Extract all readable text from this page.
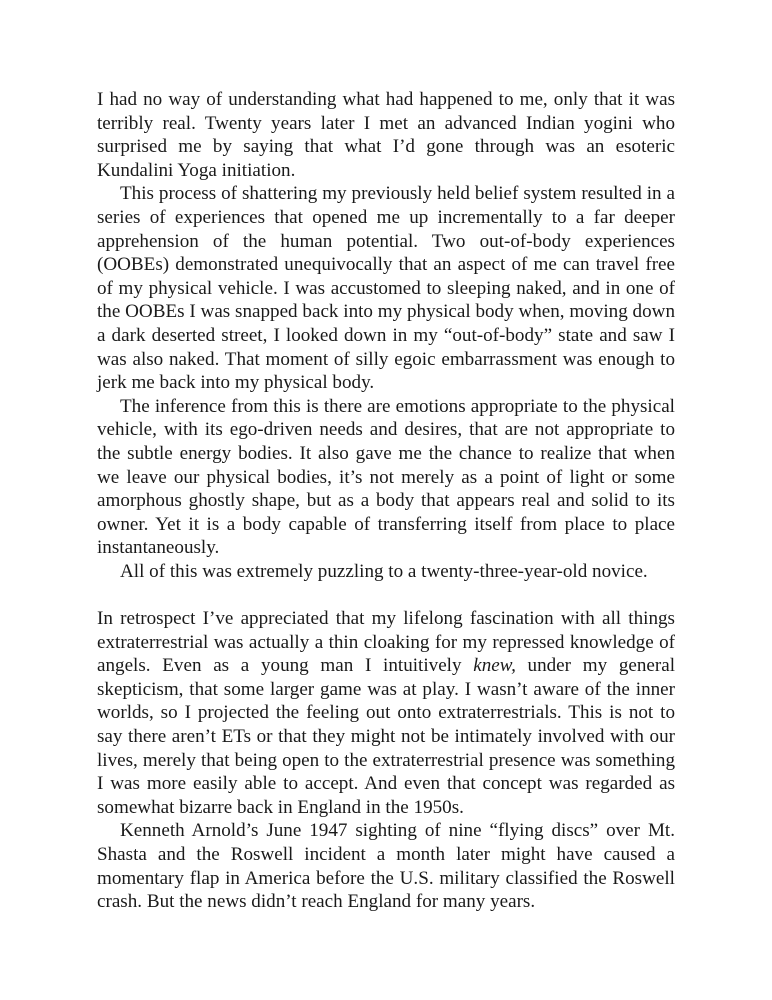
I had no way of understanding what had happened to me, only that it was terribly real. Twenty years later I met an advanced Indian yogini who surprised me by saying that what I’d gone through was an esoteric Kundalini Yoga initiation.

This process of shattering my previously held belief system resulted in a series of experiences that opened me up incrementally to a far deeper apprehension of the human potential. Two out-of-body experiences (OOBEs) demonstrated unequivocally that an aspect of me can travel free of my physical vehicle. I was accustomed to sleeping naked, and in one of the OOBEs I was snapped back into my physical body when, moving down a dark deserted street, I looked down in my “out-of-body” state and saw I was also naked. That moment of silly egoic embarrassment was enough to jerk me back into my physical body.

The inference from this is there are emotions appropriate to the physical vehicle, with its ego-driven needs and desires, that are not appropriate to the subtle energy bodies. It also gave me the chance to realize that when we leave our physical bodies, it’s not merely as a point of light or some amorphous ghostly shape, but as a body that appears real and solid to its owner. Yet it is a body capable of transferring itself from place to place instantaneously.

All of this was extremely puzzling to a twenty-three-year-old novice.

In retrospect I’ve appreciated that my lifelong fascination with all things extraterrestrial was actually a thin cloaking for my repressed knowledge of angels. Even as a young man I intuitively knew, under my general skepticism, that some larger game was at play. I wasn’t aware of the inner worlds, so I projected the feeling out onto extraterrestrials. This is not to say there aren’t ETs or that they might not be intimately involved with our lives, merely that being open to the extraterrestrial presence was something I was more easily able to accept. And even that concept was regarded as somewhat bizarre back in England in the 1950s.

Kenneth Arnold’s June 1947 sighting of nine “flying discs” over Mt. Shasta and the Roswell incident a month later might have caused a momentary flap in America before the U.S. military classified the Roswell crash. But the news didn’t reach England for many years.
